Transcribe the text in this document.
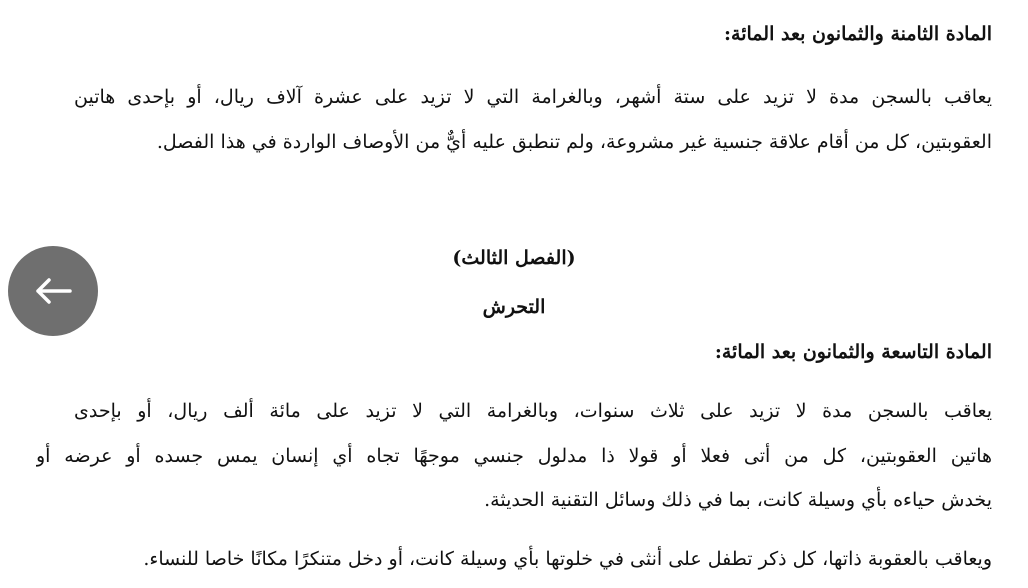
المادة الثامنة والثمانون بعد المائة:
يعاقب بالسجن مدة لا تزيد على ستة أشهر، وبالغرامة التي لا تزيد على عشرة آلاف ريال، أو بإحدى هاتين
العقوبتين، كل من أقام علاقة جنسية غير مشروعة، ولم تنطبق عليه أيٌّ من الأوصاف الواردة في هذا الفصل.
(الفصل الثالث)
التحرش
المادة التاسعة والثمانون بعد المائة:
يعاقب بالسجن مدة لا تزيد على ثلاث سنوات، وبالغرامة التي لا تزيد على مائة ألف ريال، أو بإحدى
هاتين العقوبتين، كل من أتى فعلا أو قولا ذا مدلول جنسي موجهًا تجاه أي إنسان يمس جسده أو عرضه أو
يخدش حياءه بأي وسيلة كانت، بما في ذلك وسائل التقنية الحديثة.
ويعاقب بالعقوبة ذاتها، كل ذكر تطفل على أنثى في خلوتها بأي وسيلة كانت، أو دخل متنكرًا مكانًا خاصا للنساء.
